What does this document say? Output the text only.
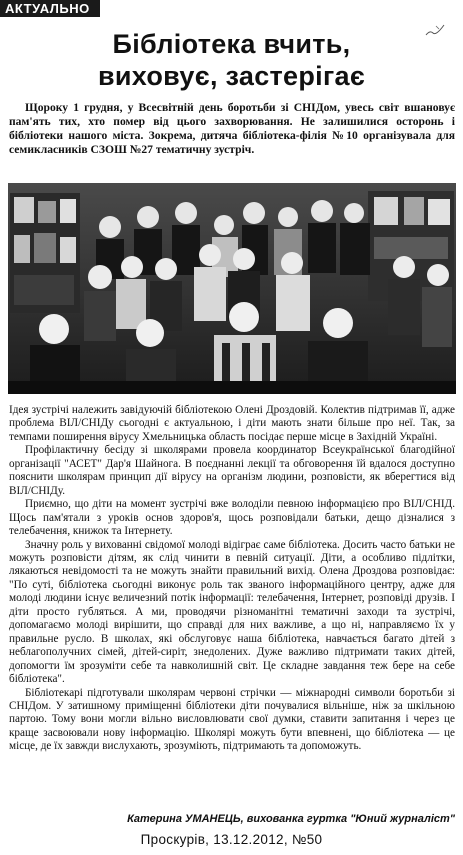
АКТУАЛЬНО
Бібліотека вчить,
виховує, застерігає

Щороку 1 грудня, у Всесвітній день боротьби зі СНІДом, увесь світ вшановує пам'ять тих, хто помер від цього захворювання. Не залишилися осторонь і бібліотеки нашого міста. Зокрема, дитяча бібліотека-філія №10 організувала для семикласників СЗОШ №27 тематичну зустріч.

Ідея зустрічі належить завідуючій бібліотекою Олені Дроздовій. Колектив підтримав її, адже проблема ВІЛ/СНІДу сьогодні є актуальною, і діти мають знати більше про неї. Так, за темпами поширення вірусу Хмельницька область посідає перше місце в Західній Україні.

Профілактичну бесіду зі школярами провела координатор Всеукраїнської благодійної організації "АСЕТ" Дар'я Шайнога. В поєднанні лекції та обговорення їй вдалося доступно пояснити школярам принцип дії вірусу на організм людини, розповісти, як вберегтися від ВІЛ/СНІДу.

Приємно, що діти на момент зустрічі вже володіли певною інформацією про ВІЛ/СНІД. Щось пам'ятали з уроків основ здоров'я, щось розповідали батьки, дещо дізналися з телебачення, книжок та Інтернету.

Значну роль у вихованні свідомої молоді відіграє саме бібліотека. Досить часто батьки не можуть розповісти дітям, як слід чинити в певній ситуації. Діти, а особливо підлітки, лякаються невідомості та не можуть знайти правильний вихід. Олена Дроздова розповідає: "По суті, бібліотека сьогодні виконує роль так званого інформаційного центру, адже для молоді людини існує величезний потік інформації: телебачення, Інтернет, розповіді друзів. І діти просто губляться. А ми, проводячи різноманітні тематичні заходи та зустрічі, допомагаємо молоді вирішити, що справді для них важливе, а що ні, направляємо їх у правильне русло. В школах, які обслуговує наша бібліотека, навчається багато дітей з неблагополучних сімей, дітей-сиріт, знедолених. Дуже важливо підтримати таких дітей, допомогти їм зрозуміти себе та навколишній світ. Це складне завдання теж бере на себе бібліотека".

Бібліотекарі підготували школярам червоні стрічки — міжнародні символи боротьби зі СНІДом. У затишному приміщенні бібліотеки діти почувалися вільніше, ніж за шкільною партою. Тому вони могли вільно висловлювати свої думки, ставити запитання і через це краще засвоювали нову інформацію. Школярі можуть бути впевнені, що бібліотека — це місце, де їх завжди вислухають, зрозуміють, підтримають та допоможуть.

Катерина УМАНЕЦЬ, вихованка гуртка "Юний журналіст"

Проскурів, 13.12.2012, №50
